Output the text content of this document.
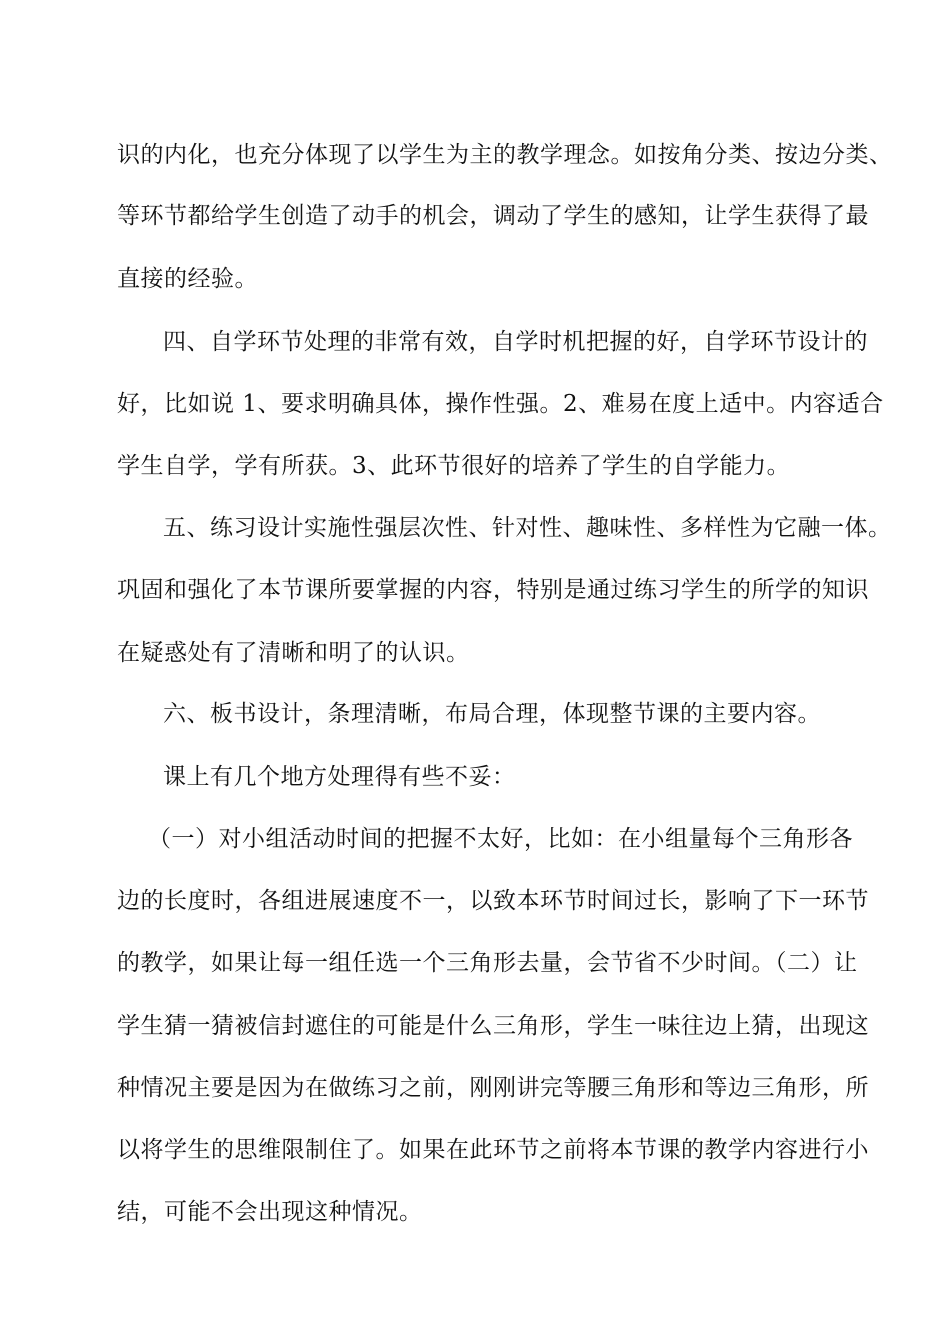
识的内化，也充分体现了以学生为主的教学理念。如按角分类、按边分类、
等环节都给学生创造了动手的机会，调动了学生的感知，让学生获得了最
直接的经验。
四、自学环节处理的非常有效，自学时机把握的好，自学环节设计的
好，比如说 1、要求明确具体，操作性强。2、难易在度上适中。内容适合
学生自学，学有所获。3、此环节很好的培养了学生的自学能力。
五、练习设计实施性强层次性、针对性、趣味性、多样性为它融一体。
巩固和强化了本节课所要掌握的内容，特别是通过练习学生的所学的知识
在疑惑处有了清晰和明了的认识。
六、板书设计，条理清晰，布局合理，体现整节课的主要内容。
课上有几个地方处理得有些不妥：
（一）对小组活动时间的把握不太好，比如：在小组量每个三角形各
边的长度时，各组进展速度不一，以致本环节时间过长，影响了下一环节
的教学，如果让每一组任选一个三角形去量，会节省不少时间。（二）让
学生猜一猜被信封遮住的可能是什么三角形，学生一味往边上猜，出现这
种情况主要是因为在做练习之前，刚刚讲完等腰三角形和等边三角形，所
以将学生的思维限制住了。如果在此环节之前将本节课的教学内容进行小
结，可能不会出现这种情况。
